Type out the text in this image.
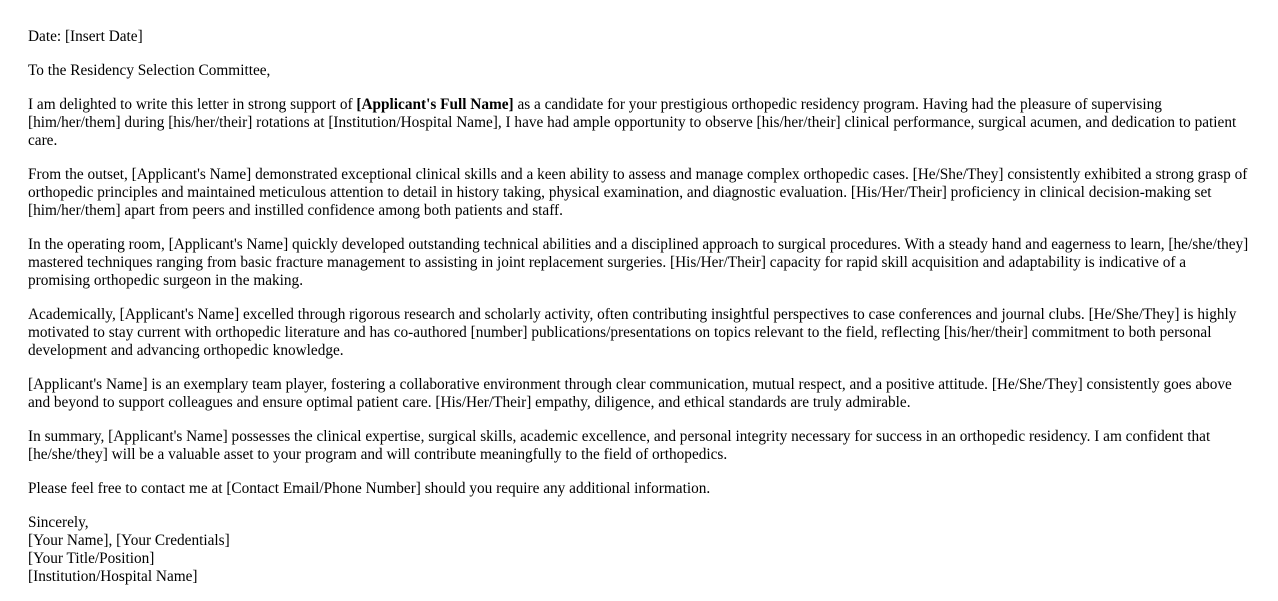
Date: [Insert Date]

To the Residency Selection Committee,

I am delighted to write this letter in strong support of [Applicant's Full Name] as a candidate for your prestigious orthopedic residency program. Having had the pleasure of supervising [him/her/them] during [his/her/their] rotations at [Institution/Hospital Name], I have had ample opportunity to observe [his/her/their] clinical performance, surgical acumen, and dedication to patient care.

From the outset, [Applicant's Name] demonstrated exceptional clinical skills and a keen ability to assess and manage complex orthopedic cases. [He/She/They] consistently exhibited a strong grasp of orthopedic principles and maintained meticulous attention to detail in history taking, physical examination, and diagnostic evaluation. [His/Her/Their] proficiency in clinical decision-making set [him/her/them] apart from peers and instilled confidence among both patients and staff.

In the operating room, [Applicant's Name] quickly developed outstanding technical abilities and a disciplined approach to surgical procedures. With a steady hand and eagerness to learn, [he/she/they] mastered techniques ranging from basic fracture management to assisting in joint replacement surgeries. [His/Her/Their] capacity for rapid skill acquisition and adaptability is indicative of a promising orthopedic surgeon in the making.

Academically, [Applicant's Name] excelled through rigorous research and scholarly activity, often contributing insightful perspectives to case conferences and journal clubs. [He/She/They] is highly motivated to stay current with orthopedic literature and has co-authored [number] publications/presentations on topics relevant to the field, reflecting [his/her/their] commitment to both personal development and advancing orthopedic knowledge.

[Applicant's Name] is an exemplary team player, fostering a collaborative environment through clear communication, mutual respect, and a positive attitude. [He/She/They] consistently goes above and beyond to support colleagues and ensure optimal patient care. [His/Her/Their] empathy, diligence, and ethical standards are truly admirable.

In summary, [Applicant's Name] possesses the clinical expertise, surgical skills, academic excellence, and personal integrity necessary for success in an orthopedic residency. I am confident that [he/she/they] will be a valuable asset to your program and will contribute meaningfully to the field of orthopedics.

Please feel free to contact me at [Contact Email/Phone Number] should you require any additional information.

Sincerely,
[Your Name], [Your Credentials]
[Your Title/Position]
[Institution/Hospital Name]
